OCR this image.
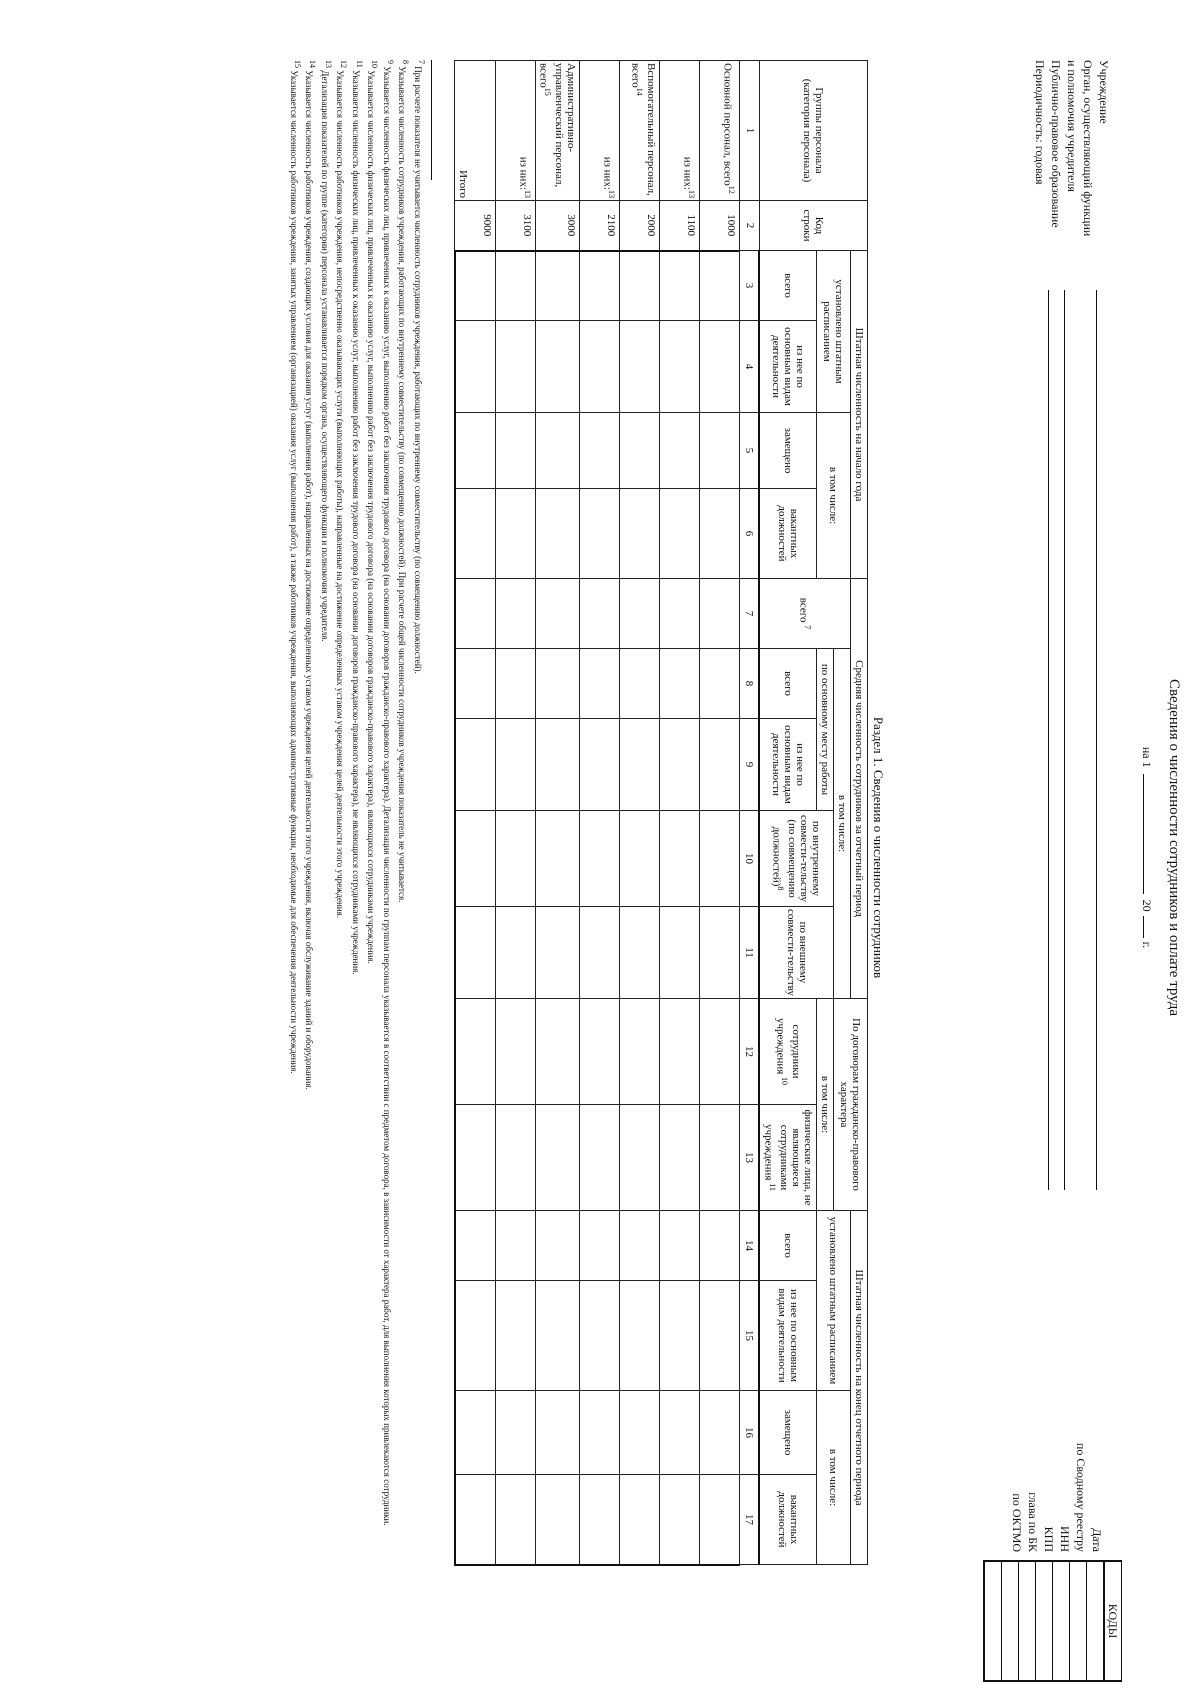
Сведения о численности сотрудников и оплате труда
на 120г.
Учреждение
Орган, осуществляющий функции
и полномочия учредителя
Публично-правовое образование
Периодичность: годовая
Дата
по Сводному реестру
ИНН
КПП
глава по БК
по ОКТМО
КОДЫ

Раздел 1. Сведения о численности сотрудников
Группы персонала (категория персонала)	Код строки	Штатная численность на начало года				Средняя численность сотрудников за отчетный период					По договорам гражданско-правового характера		Штатная численность на конец отчетного периода			
		установлено штатным расписанием		в том числе:		всего $^7$	в том числе:						установлено штатным расписанием		в том числе:	
							по основному месту работы		по внутреннему совмести-тельству (по совмещению должностей)$^8$	по внешнему совмести-тельству	в том числе:					
		всего	из нее по основным видам деятельности	замещено	вакантных должностей		всего	из нее по основным видам деятельности			сотрудники учреждения $^{10}$	физические лица, не являющиеся сотрудниками учреждения $^{11}$	всего	из нее по основным видам деятельности	замещено	вакантных должностей
1	2	3	4	5	6	7	8	9	10	11	12	13	14	15	16	17
Основной персонал, всего$^{12}$	1000															
из них:$^{13}$	1100															
Вспомогательный персонал, всего$^{14}$	2000															
из них:$^{13}$	2100															
Административно-управленческий персонал, всего$^{15}$	3000															
из них:$^{13}$	3100															
Итого	9000															

$^7$ При расчете показателя не учитывается численность сотрудников учреждения, работающих по внутреннему совместительству (по совмещению должностей).

$^8$ Указывается численность сотрудников учреждения, работающих по внутреннему совместительству (по совмещению должностей). При расчете общей численности сотрудников учреждения показатель не учитывается.

$^9$ Указывается численность физических лиц, привлеченных к оказанию услуг, выполнению работ без заключения трудового договора (на основании договоров гражданско-правового характера). Детализация численности по группам персонала указывается в соответствии с предметом договора, в зависимости от характера работ, для выполнения которых привлекаются сотрудники.

$^{10}$ Указывается численность физических лиц, привлеченных к оказанию услуг, выполнению работ без заключения трудового договора (на основании договоров гражданско-правового характера), являющихся сотрудниками учреждения.

$^{11}$ Указывается численность физических лиц, привлеченных к оказанию услуг, выполнению работ без заключения трудового договора (на основании договоров гражданско-правового характера), не являющихся сотрудниками учреждения.

$^{12}$ Указывается численность работников учреждения, непосредственно оказывающих услуги (выполняющих работы), направленные на достижение определенных уставом учреждения целей деятельности этого учреждения.

$^{13}$ Детализация показателей по группе (категории) персонала устанавливается порядком органа, осуществляющего функции и полномочия учредителя.

$^{14}$ Указывается численность работников учреждения, создающих условия для оказания услуг (выполнения работ), направленных на достижение определенных уставом учреждения целей деятельности этого учреждения, включая обслуживание зданий и оборудования.

$^{15}$ Указывается численность работников учреждения, занятых управлением (организацией) оказания услуг (выполнения работ), а также работников учреждения, выполняющих административные функции, необходимые для обеспечения деятельности учреждения.
